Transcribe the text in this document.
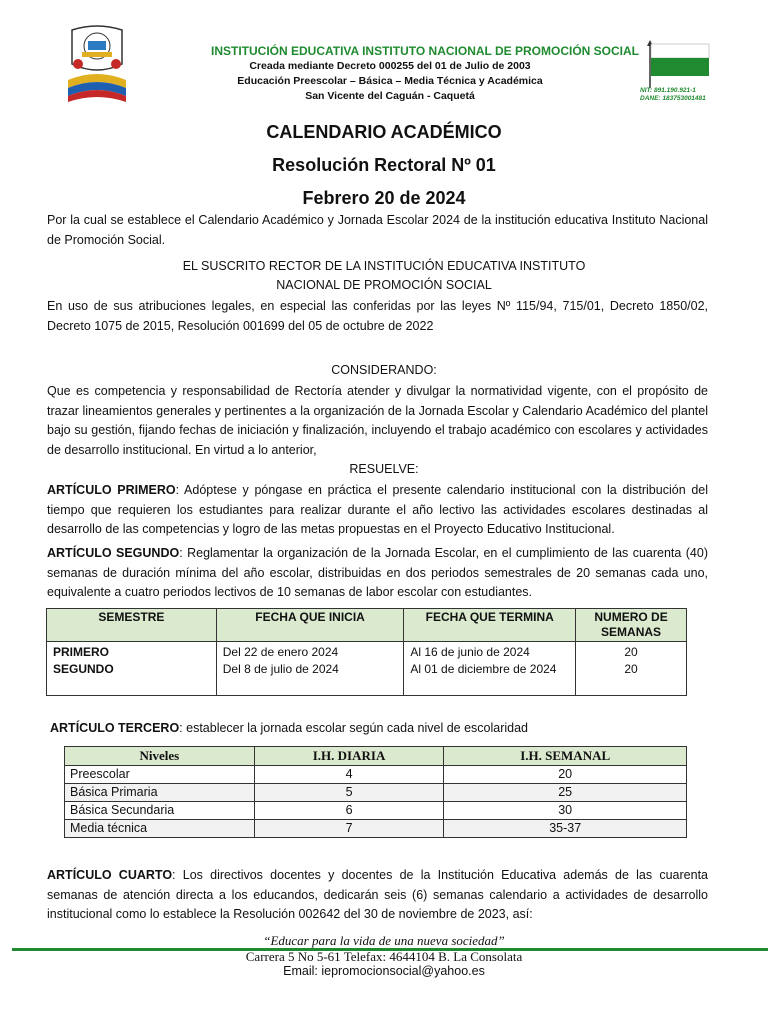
INSTITUCIÓN EDUCATIVA INSTITUTO NACIONAL DE PROMOCIÓN SOCIAL
Creada mediante Decreto 000255 del 01 de Julio de 2003
Educación Preescolar – Básica – Media Técnica y Académica
San Vicente del Caguán - Caquetá	NIT: 891.190.921-1
DANE: 183753001481
CALENDARIO ACADÉMICO
Resolución Rectoral Nº 01
Febrero 20 de 2024
Por la cual se establece el Calendario Académico y Jornada Escolar 2024 de la institución educativa Instituto Nacional de Promoción Social.
EL SUSCRITO RECTOR DE LA INSTITUCIÓN EDUCATIVA INSTITUTO
NACIONAL DE PROMOCIÓN SOCIAL
En uso de sus atribuciones legales, en especial las conferidas por las leyes Nº 115/94, 715/01, Decreto 1850/02, Decreto 1075 de 2015, Resolución 001699 del 05 de octubre de 2022
CONSIDERANDO:
Que es competencia y responsabilidad de Rectoría atender y divulgar la normatividad vigente, con el propósito de trazar lineamientos generales y pertinentes a la organización de la Jornada Escolar y Calendario Académico del plantel bajo su gestión, fijando fechas de iniciación y finalización, incluyendo el trabajo académico con escolares y actividades de desarrollo institucional. En virtud a lo anterior,
RESUELVE:
ARTÍCULO PRIMERO: Adóptese y póngase en práctica el presente calendario institucional con la distribución del tiempo que requieren los estudiantes para realizar durante el año lectivo las actividades escolares destinadas al desarrollo de las competencias y logro de las metas propuestas en el Proyecto Educativo Institucional.
ARTÍCULO SEGUNDO: Reglamentar la organización de la Jornada Escolar, en el cumplimiento de las cuarenta (40) semanas de duración mínima del año escolar, distribuidas en dos periodos semestrales de 20 semanas cada uno, equivalente a cuatro periodos lectivos de 10 semanas de labor escolar con estudiantes.
SEMESTRE	FECHA QUE INICIA	FECHA QUE TERMINA	NUMERO DE SEMANAS
PRIMERO	Del 22 de enero 2024	Al 16 de junio de 2024	20
SEGUNDO	Del 8 de julio de 2024	Al 01 de diciembre de 2024	20
ARTÍCULO TERCERO: establecer la jornada escolar según cada nivel de escolaridad
Niveles	I.H. DIARIA	I.H. SEMANAL
Preescolar	4	20
Básica Primaria	5	25
Básica Secundaria	6	30
Media técnica	7	35-37
ARTÍCULO CUARTO: Los directivos docentes y docentes de la Institución Educativa además de las cuarenta semanas de atención directa a los educandos, dedicarán seis (6) semanas calendario a actividades de desarrollo institucional como lo establece la Resolución 002642 del 30 de noviembre de 2023, así:
“Educar para la vida de una nueva sociedad”
Carrera 5 No 5-61 Telefax: 4644104 B. La Consolata
Email: iepromocionsocial@yahoo.es
